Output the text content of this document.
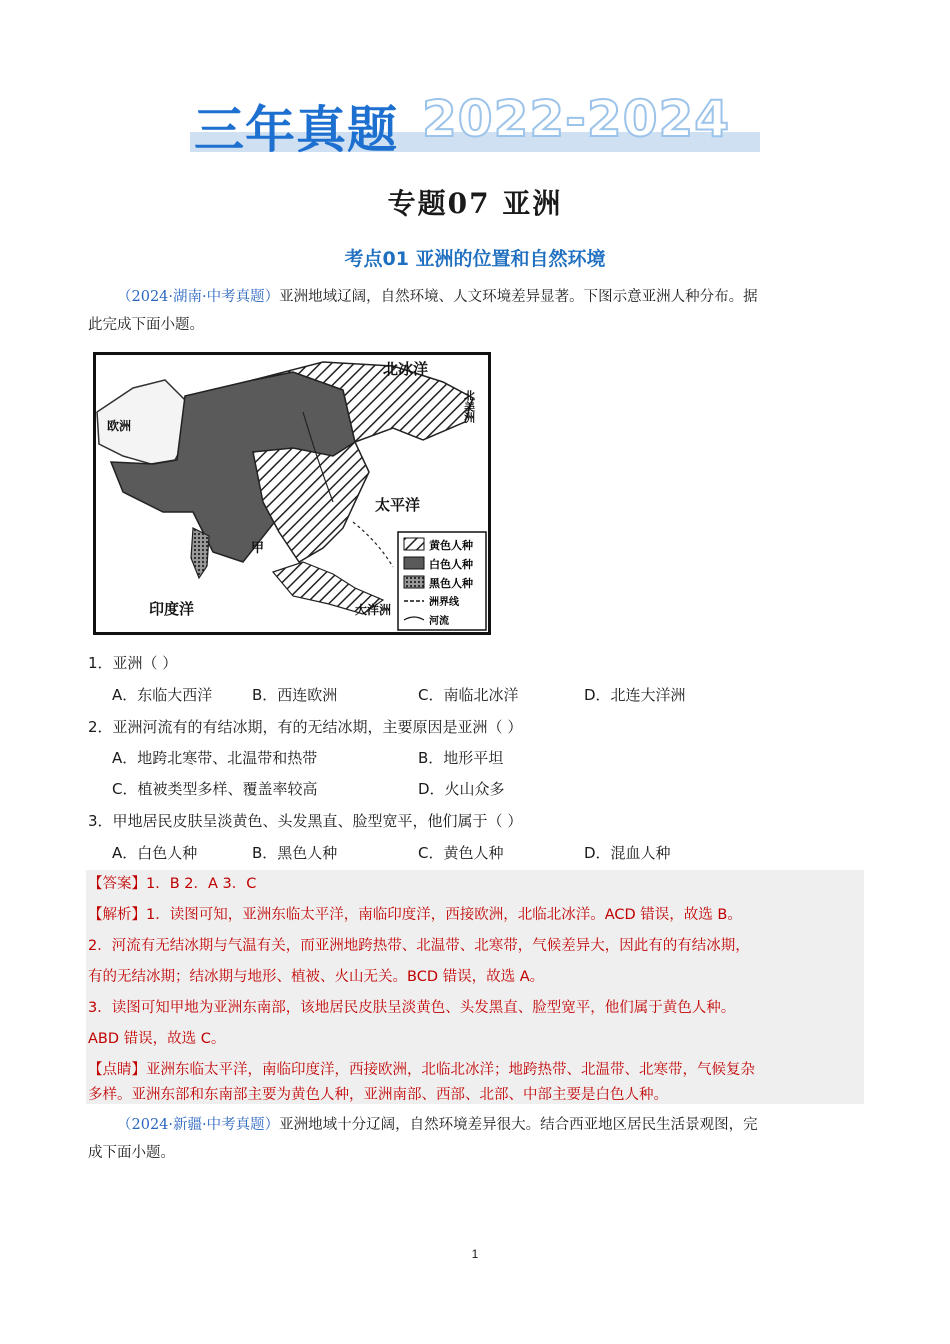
三年真题 2022-2024
专题07 亚洲
考点01 亚洲的位置和自然环境
（2024·湖南·中考真题）亚洲地域辽阔，自然环境、人文环境差异显著。下图示意亚洲人种分布。据
此完成下面小题。
北冰洋
北美洲
欧洲
太平洋
印度洋	大洋洲
甲	黄色人种
白色人种
黑色人种
洲界线
河流
1．亚洲（ ）
A．东临大西洋	B．西连欧洲	C．南临北冰洋	D．北连大洋洲
2．亚洲河流有的有结冰期，有的无结冰期，主要原因是亚洲（ ）
A．地跨北寒带、北温带和热带	B．地形平坦
C．植被类型多样、覆盖率较高	D．火山众多
3．甲地居民皮肤呈淡黄色、头发黑直、脸型宽平，他们属于（ ）
A．白色人种	B．黑色人种	C．黄色人种	D．混血人种
【答案】1．B 2．A 3．C
【解析】1．读图可知，亚洲东临太平洋，南临印度洋，西接欧洲，北临北冰洋。ACD 错误，故选 B。
2．河流有无结冰期与气温有关，而亚洲地跨热带、北温带、北寒带，气候差异大，因此有的有结冰期，
有的无结冰期；结冰期与地形、植被、火山无关。BCD 错误，故选 A。
3．读图可知甲地为亚洲东南部，该地居民皮肤呈淡黄色、头发黑直、脸型宽平，他们属于黄色人种。
ABD 错误，故选 C。
【点睛】亚洲东临太平洋，南临印度洋，西接欧洲，北临北冰洋；地跨热带、北温带、北寒带，气候复杂
多样。亚洲东部和东南部主要为黄色人种，亚洲南部、西部、北部、中部主要是白色人种。
（2024·新疆·中考真题）亚洲地域十分辽阔，自然环境差异很大。结合西亚地区居民生活景观图，完
成下面小题。
1
